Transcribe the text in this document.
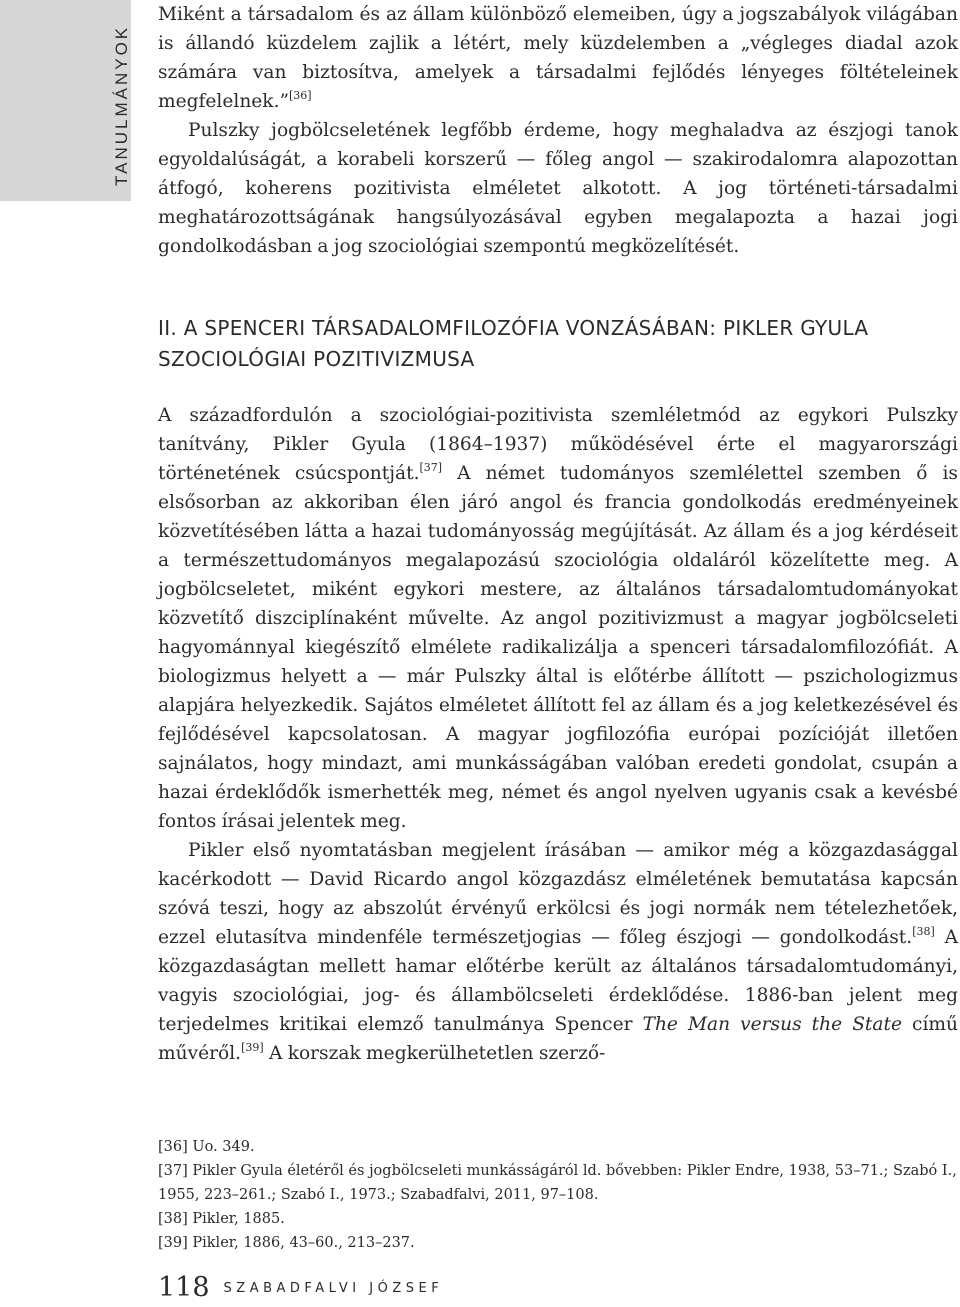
TANULMÁNYOK

Miként a társadalom és az állam különböző elemeiben, úgy a jogszabályok világában is állandó küzdelem zajlik a létért, mely küzdelemben a „végleges diadal azok számára van biztosítva, amelyek a társadalmi fejlődés lényeges föltételeinek megfelelnek.”[36]

Pulszky jogbölcseletének legfőbb érdeme, hogy meghaladva az észjogi tanok egyoldalúságát, a korabeli korszerű — főleg angol — szakirodalomra alapozottan átfogó, koherens pozitivista elméletet alkotott. A jog történeti-társadalmi meghatározottságának hangsúlyozásával egyben megalapozta a hazai jogi gondolkodásban a jog szociológiai szempontú megközelítését.

II. A SPENCERI TÁRSADALOMFILOZÓFIA VONZÁSÁBAN: PIKLER GYULA SZOCIOLÓGIAI POZITIVIZMUSA

A századfordulón a szociológiai-pozitivista szemléletmód az egykori Pulszky tanítvány, Pikler Gyula (1864–1937) működésével érte el magyarországi történetének csúcspontját.[37] A német tudományos szemlélettel szemben ő is elsősorban az akkoriban élen járó angol és francia gondolkodás eredményeinek közvetítésében látta a hazai tudományosság megújítását. Az állam és a jog kérdéseit a természettudományos megalapozású szociológia oldaláról közelítette meg. A jogbölcseletet, miként egykori mestere, az általános társadalomtudományokat közvetítő diszciplínaként művelte. Az angol pozitivizmust a magyar jogbölcseleti hagyománnyal kiegészítő elmélete radikalizálja a spenceri társadalomfilozófiát. A biologizmus helyett a — már Pulszky által is előtérbe állított — pszichologizmus alapjára helyezkedik. Sajátos elméletet állított fel az állam és a jog keletkezésével és fejlődésével kapcsolatosan. A magyar jogfilozófia európai pozícióját illetően sajnálatos, hogy mindazt, ami munkásságában valóban eredeti gondolat, csupán a hazai érdeklődők ismerhették meg, német és angol nyelven ugyanis csak a kevésbé fontos írásai jelentek meg.

Pikler első nyomtatásban megjelent írásában — amikor még a közgazdasággal kacérkodott — David Ricardo angol közgazdász elméletének bemutatása kapcsán szóvá teszi, hogy az abszolút érvényű erkölcsi és jogi normák nem tételezhetőek, ezzel elutasítva mindenféle természetjogias — főleg észjogi — gondolkodást.[38] A közgazdaságtan mellett hamar előtérbe került az általános társadalomtudományi, vagyis szociológiai, jog- és állambölcseleti érdeklődése. 1886-ban jelent meg terjedelmes kritikai elemző tanulmánya Spencer The Man versus the State című művéről.[39] A korszak megkerülhetetlen szerző-

[36] Uo. 349.

[37] Pikler Gyula életéről és jogbölcseleti munkásságáról ld. bővebben: Pikler Endre, 1938, 53–71.; Szabó I., 1955, 223–261.; Szabó I., 1973.; Szabadfalvi, 2011, 97–108.

[38] Pikler, 1885.

[39] Pikler, 1886, 43–60., 213–237.

118 $^{SZABADFALVI JÓZSEF}$
